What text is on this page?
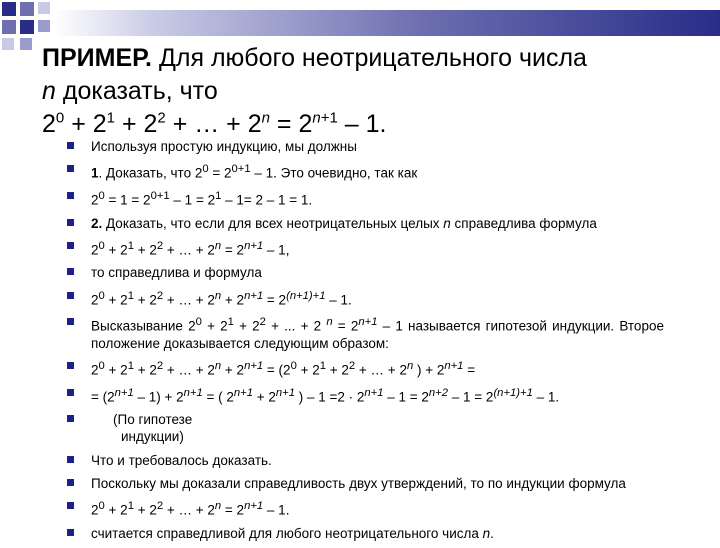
ПРИМЕР. Для любого неотрицательного числа
n доказать, что
$2^0 + 2^1 + 2^2$ + … + $2^n = 2^{n+1} - 1$.
Используя простую индукцию, мы должны
1. Доказать, что $2^0 = 2^{0+1} - 1$. Это очевидно, так как
$2^0 = 1 = 2^{0+1} - 1 = 2^1 - 1= 2 - 1 = 1$.
2. Доказать, что если для всех неотрицательных целых n справедлива формула
$2^0 + 2^1 + 2^2$ + … + $2^n = 2^{n+1} - 1$,
то справедлива и формула
$2^0 + 2^1 + 2^2$ + … + $2^n + 2^{n+1} = 2^{(n+1)+1} - 1$.
Высказывание $2^0 + 2^1 + 2^2$ + ... + 2 $^n = 2^{n+1} - 1$ называется гипотезой индукции. Второе положение доказывается следующим образом:
$2^0 + 2^1 + 2^2$ + … + $2^n + 2^{n+1} = (2^0 + 2^1 + 2^2$ + … + $2^n$ ) + $2^{n+1}$ =
= $(2^{n+1} - 1) + 2^{n+1}$ = ( $2^{n+1} + 2^{n+1}$ ) – $1 =2 \cdot 2^{n+1} - 1 = 2^{n+2} - 1 = 2^{(n+1)+1} - 1$.
(По гипотезе
индукции)
Что и требовалось доказать.
Поскольку мы доказали справедливость двух утверждений, то по индукции формула
$2^0 + 2^1 + 2^2$ + … + $2^n = 2^{n+1} - 1$.
считается справедливой для любого неотрицательного числа n.
